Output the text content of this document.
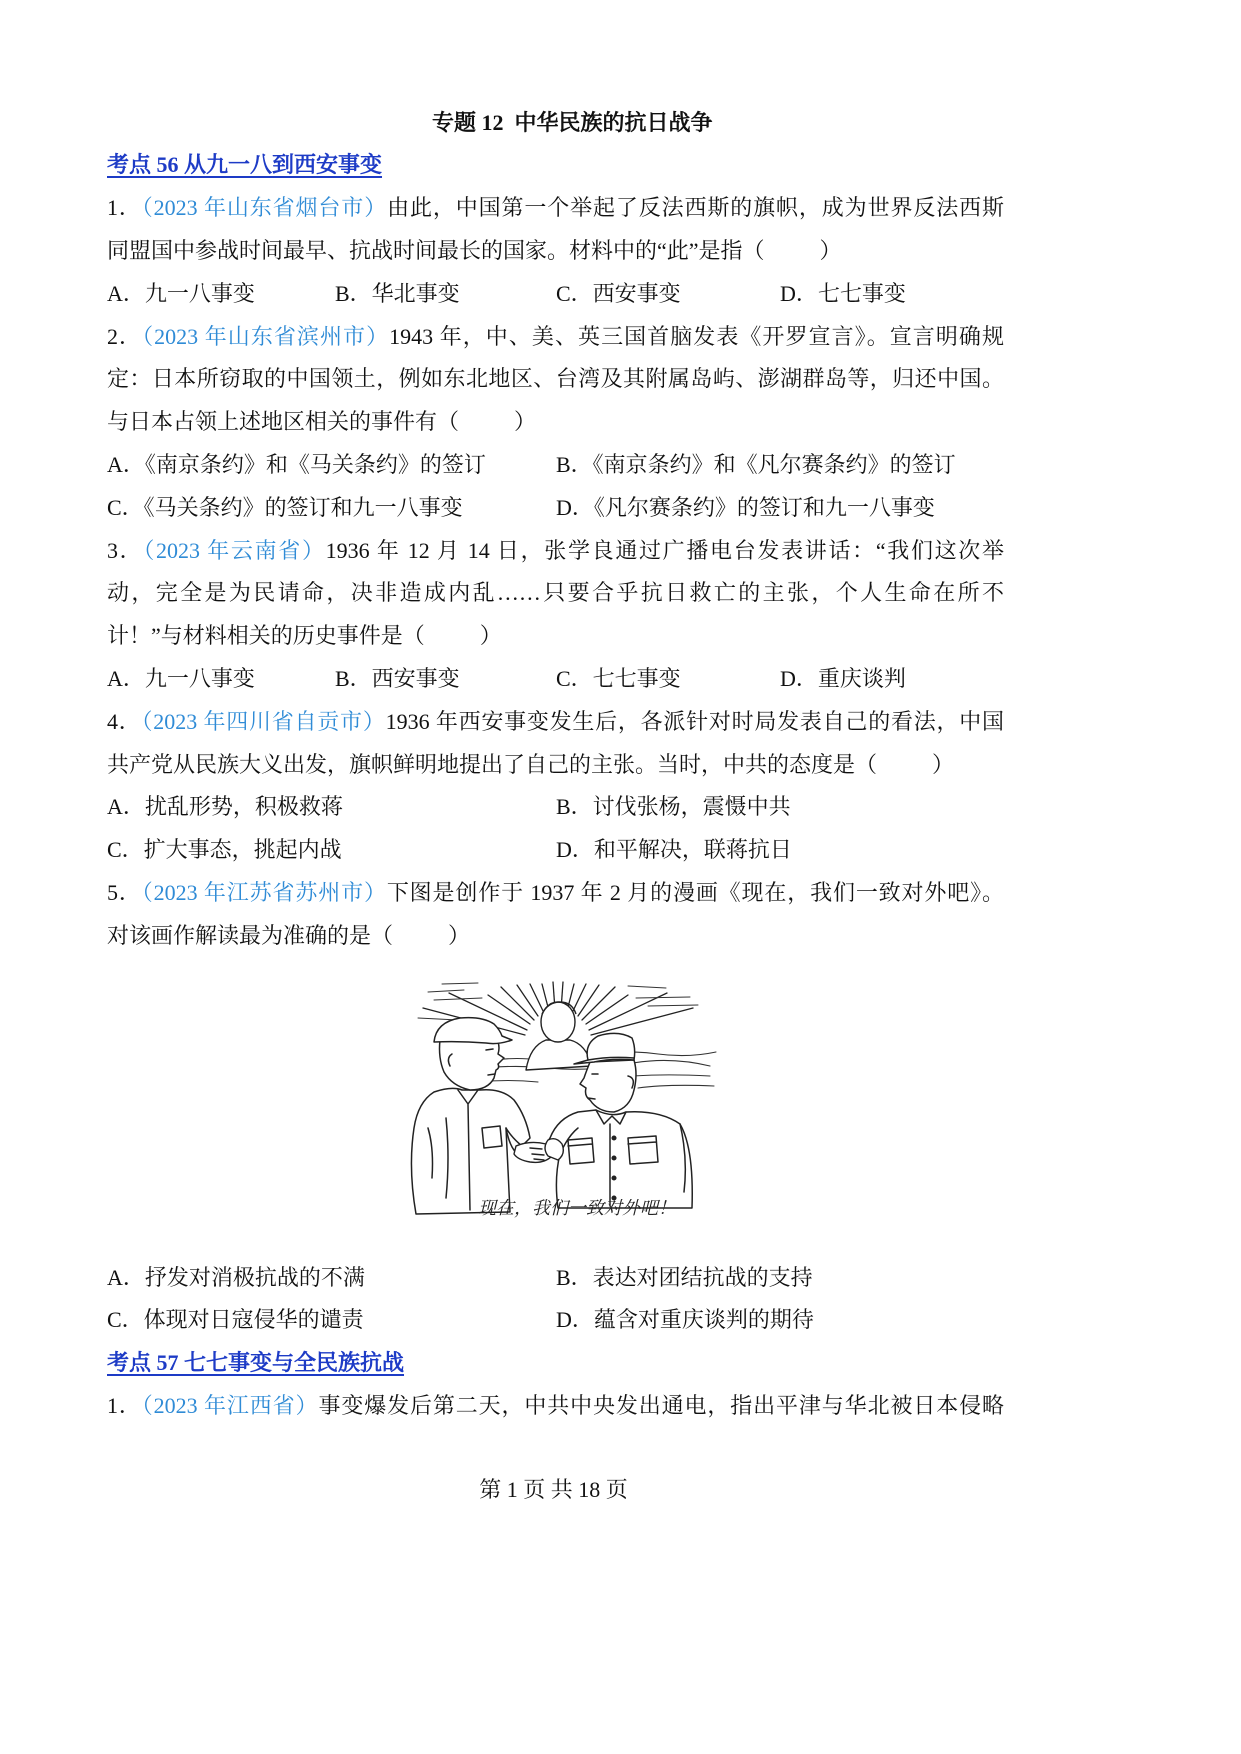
专题 12  中华民族的抗日战争
考点 56 从九一八到西安事变
1．（2023 年山东省烟台市）由此，中国第一个举起了反法西斯的旗帜，成为世界反法西斯
同盟国中参战时间最早、抗战时间最长的国家。材料中的“此”是指（          ）
A．九一八事变	B．华北事变	C．西安事变	D．七七事变
2．（2023 年山东省滨州市）1943 年，中、美、英三国首脑发表《开罗宣言》。宣言明确规
定：日本所窃取的中国领土，例如东北地区、台湾及其附属岛屿、澎湖群岛等，归还中国。
与日本占领上述地区相关的事件有（          ）
A．《南京条约》和《马关条约》的签订	B．《南京条约》和《凡尔赛条约》的签订
C．《马关条约》的签订和九一八事变	D．《凡尔赛条约》的签订和九一八事变
3．（2023 年云南省）1936 年 12 月 14 日，张学良通过广播电台发表讲话：“我们这次举
动，完全是为民请命，决非造成内乱……只要合乎抗日救亡的主张，个人生命在所不
计！”与材料相关的历史事件是（          ）
A．九一八事变	B．西安事变	C．七七事变	D．重庆谈判
4．（2023 年四川省自贡市）1936 年西安事变发生后，各派针对时局发表自己的看法，中国
共产党从民族大义出发，旗帜鲜明地提出了自己的主张。当时，中共的态度是（          ）
A．扰乱形势，积极救蒋	B．讨伐张杨，震慑中共
C．扩大事态，挑起内战	D．和平解决，联蒋抗日
5．（2023 年江苏省苏州市）下图是创作于 1937 年 2 月的漫画《现在，我们一致对外吧》。
对该画作解读最为准确的是（          ）
现在，我们一致对外吧！
A．抒发对消极抗战的不满	B．表达对团结抗战的支持
C．体现对日寇侵华的谴责	D．蕴含对重庆谈判的期待
考点 57 七七事变与全民族抗战
1．（2023 年江西省）事变爆发后第二天，中共中央发出通电，指出平津与华北被日本侵略
第 1 页 共 18 页
